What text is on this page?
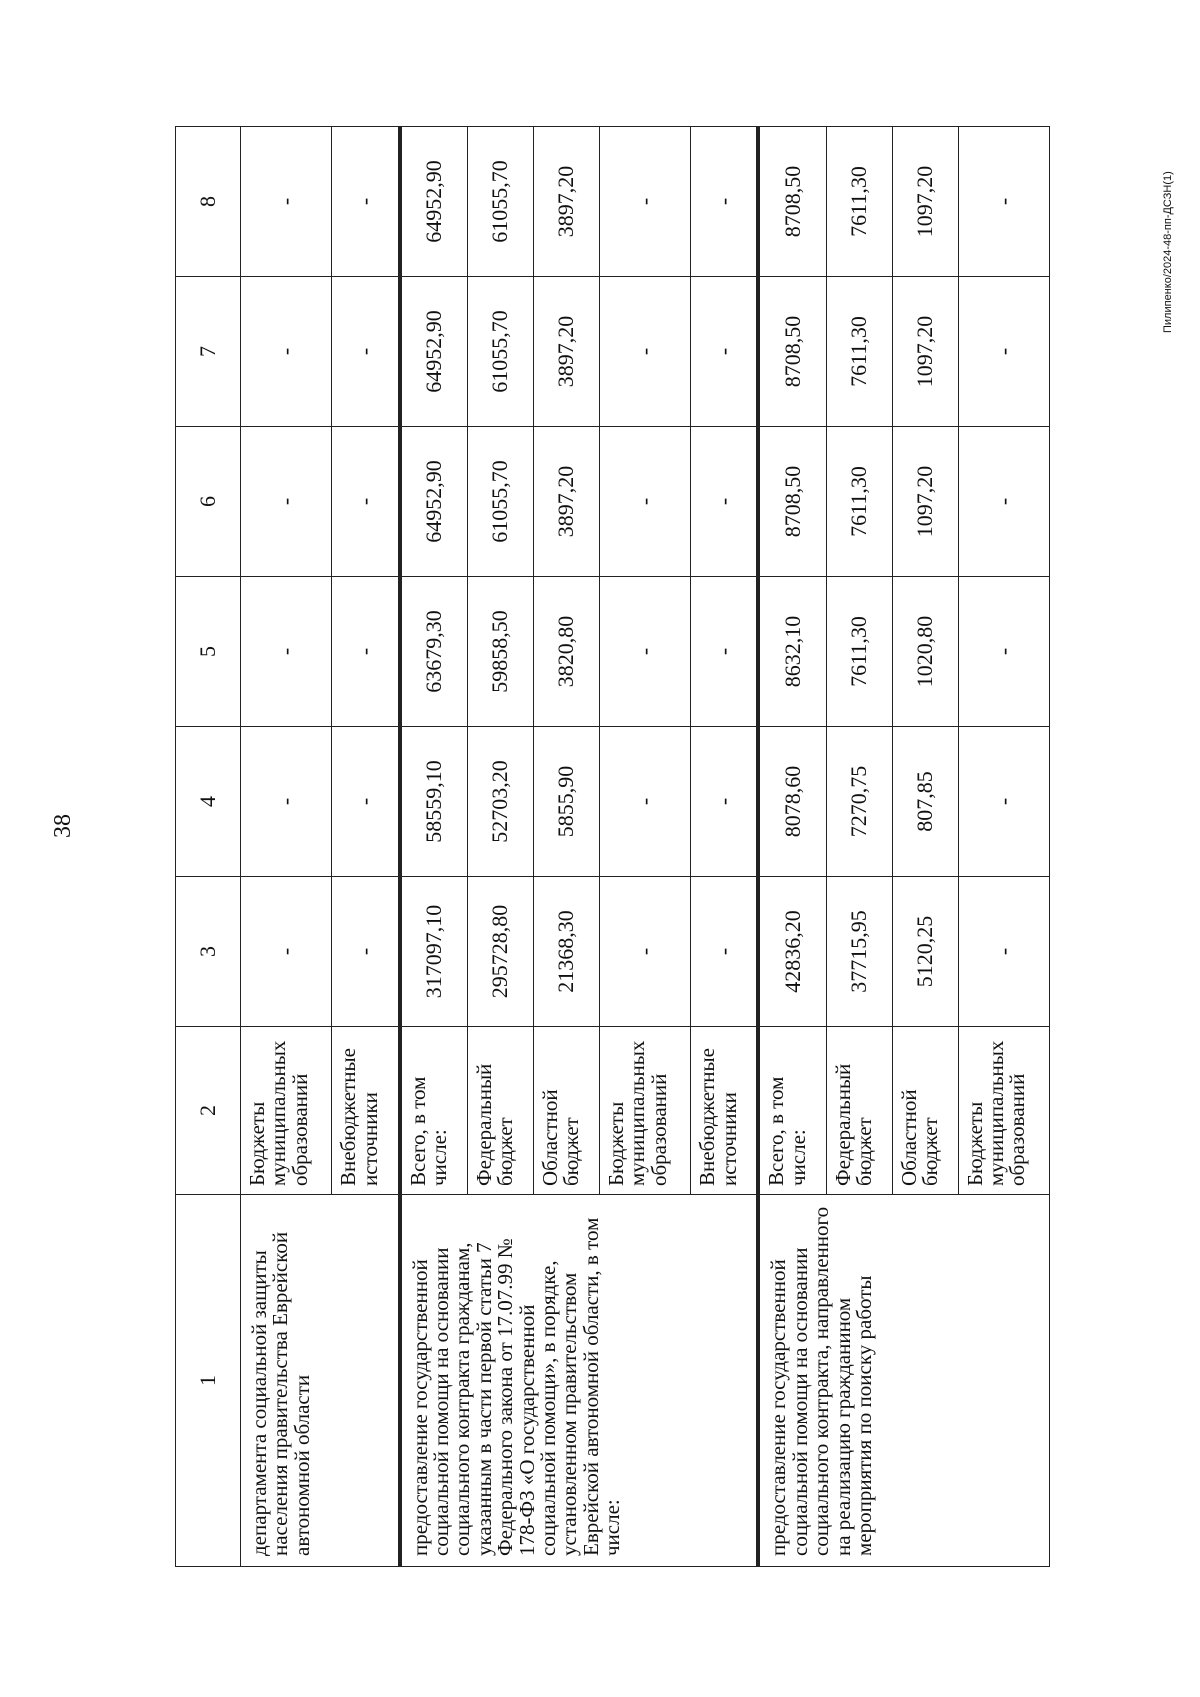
38
1	2	3	4	5	6	7	8
департамента социальной защиты населения правительства Еврейской автономной области	Бюджеты муниципальных образований	-	-	-	-	-	-
	Внебюджетные источники	-	-	-	-	-	-
предоставление государственной социальной помощи на основании социального контракта гражданам, указанным в части первой статьи 7 Федерального закона от 17.07.99 № 178-ФЗ «О государственной социальной помощи», в порядке, установленном правительством Еврейской автономной области, в том числе:	Всего, в том числе:	317097,10	58559,10	63679,30	64952,90	64952,90	64952,90
	Федеральный бюджет	295728,80	52703,20	59858,50	61055,70	61055,70	61055,70
	Областной бюджет	21368,30	5855,90	3820,80	3897,20	3897,20	3897,20
	Бюджеты муниципальных образований	-	-	-	-	-	-
	Внебюджетные источники	-	-	-	-	-	-
предоставление государственной социальной помощи на основании социального контракта, направленного на реализацию гражданином мероприятия по поиску работы	Всего, в том числе:	42836,20	8078,60	8632,10	8708,50	8708,50	8708,50
	Федеральный бюджет	37715,95	7270,75	7611,30	7611,30	7611,30	7611,30
	Областной бюджет	5120,25	807,85	1020,80	1097,20	1097,20	1097,20
	Бюджеты муниципальных образований	-	-	-	-	-	-	Пилипенко/2024-48-пп-ДСЗН(1)
